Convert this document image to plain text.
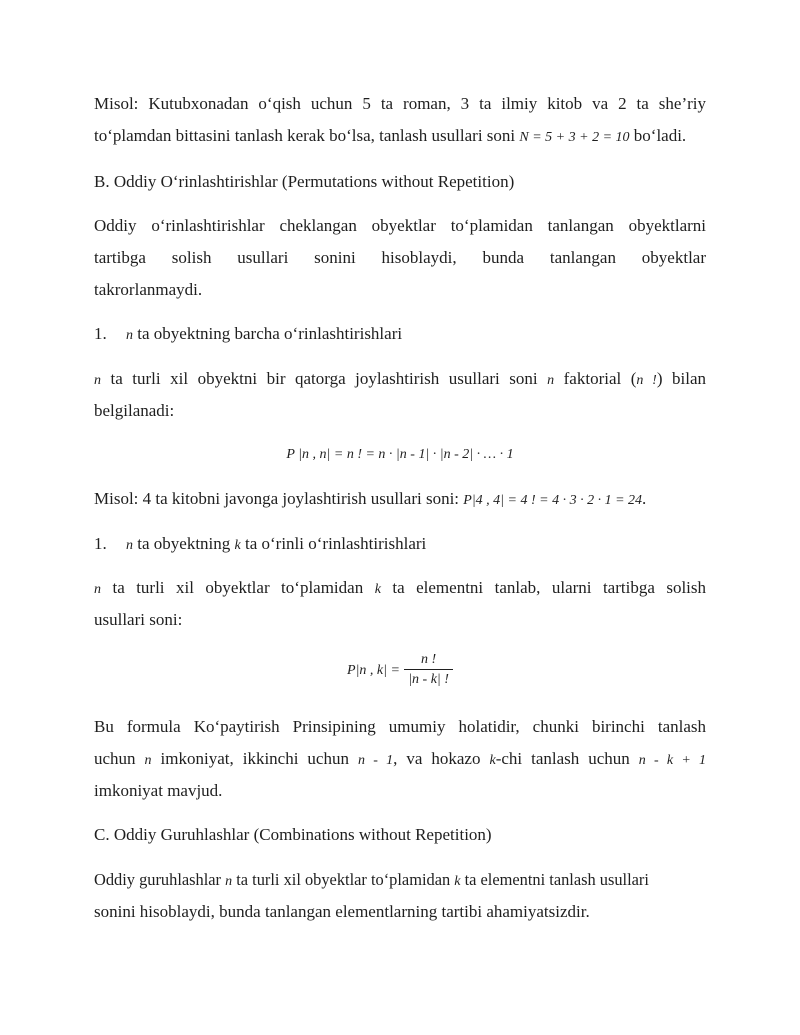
Misol: Kutubxonadan o‘qish uchun 5 ta roman, 3 ta ilmiy kitob va 2 ta she’riy
to‘plamdan bittasini tanlash kerak bo‘lsa, tanlash usullari soni N = 5 + 3 + 2 = 10 bo‘ladi.
B. Oddiy O‘rinlashtirishlar (Permutations without Repetition)
Oddiy o‘rinlashtirishlar cheklangan obyektlar to‘plamidan tanlangan obyektlarni
tartibga solish usullari sonini hisoblaydi, bunda tanlangan obyektlar
takrorlanmaydi.
1. n ta obyektning barcha o‘rinlashtirishlari
n ta turli xil obyektni bir qatorga joylashtirish usullari soni n faktorial (n !) bilan
belgilanadi:
P ⁣|n , n| = n ! = n · |n - 1| · |n - 2| · … · 1
Misol: 4 ta kitobni javonga joylashtirish usullari soni: P|4 , 4| = 4 ! = 4 · 3 · 2 · 1 = 24.
1. n ta obyektning k ta o‘rinli o‘rinlashtirishlari
n ta turli xil obyektlar to‘plamidan k ta elementni tanlab, ularni tartibga solish
usullari soni:
P|n , $k| = \frac{n !}{|n - k| !}$
Bu formula Ko‘paytirish Prinsipining umumiy holatidir, chunki birinchi tanlash
uchun n imkoniyat, ikkinchi uchun n - 1, va hokazo k-chi tanlash uchun n - k + 1
imkoniyat mavjud.
C. Oddiy Guruhlashlar (Combinations without Repetition)
Oddiy guruhlashlar n ta turli xil obyektlar to‘plamidan k ta elementni tanlash usullari
sonini hisoblaydi, bunda tanlangan elementlarning tartibi ahamiyatsizdir.
